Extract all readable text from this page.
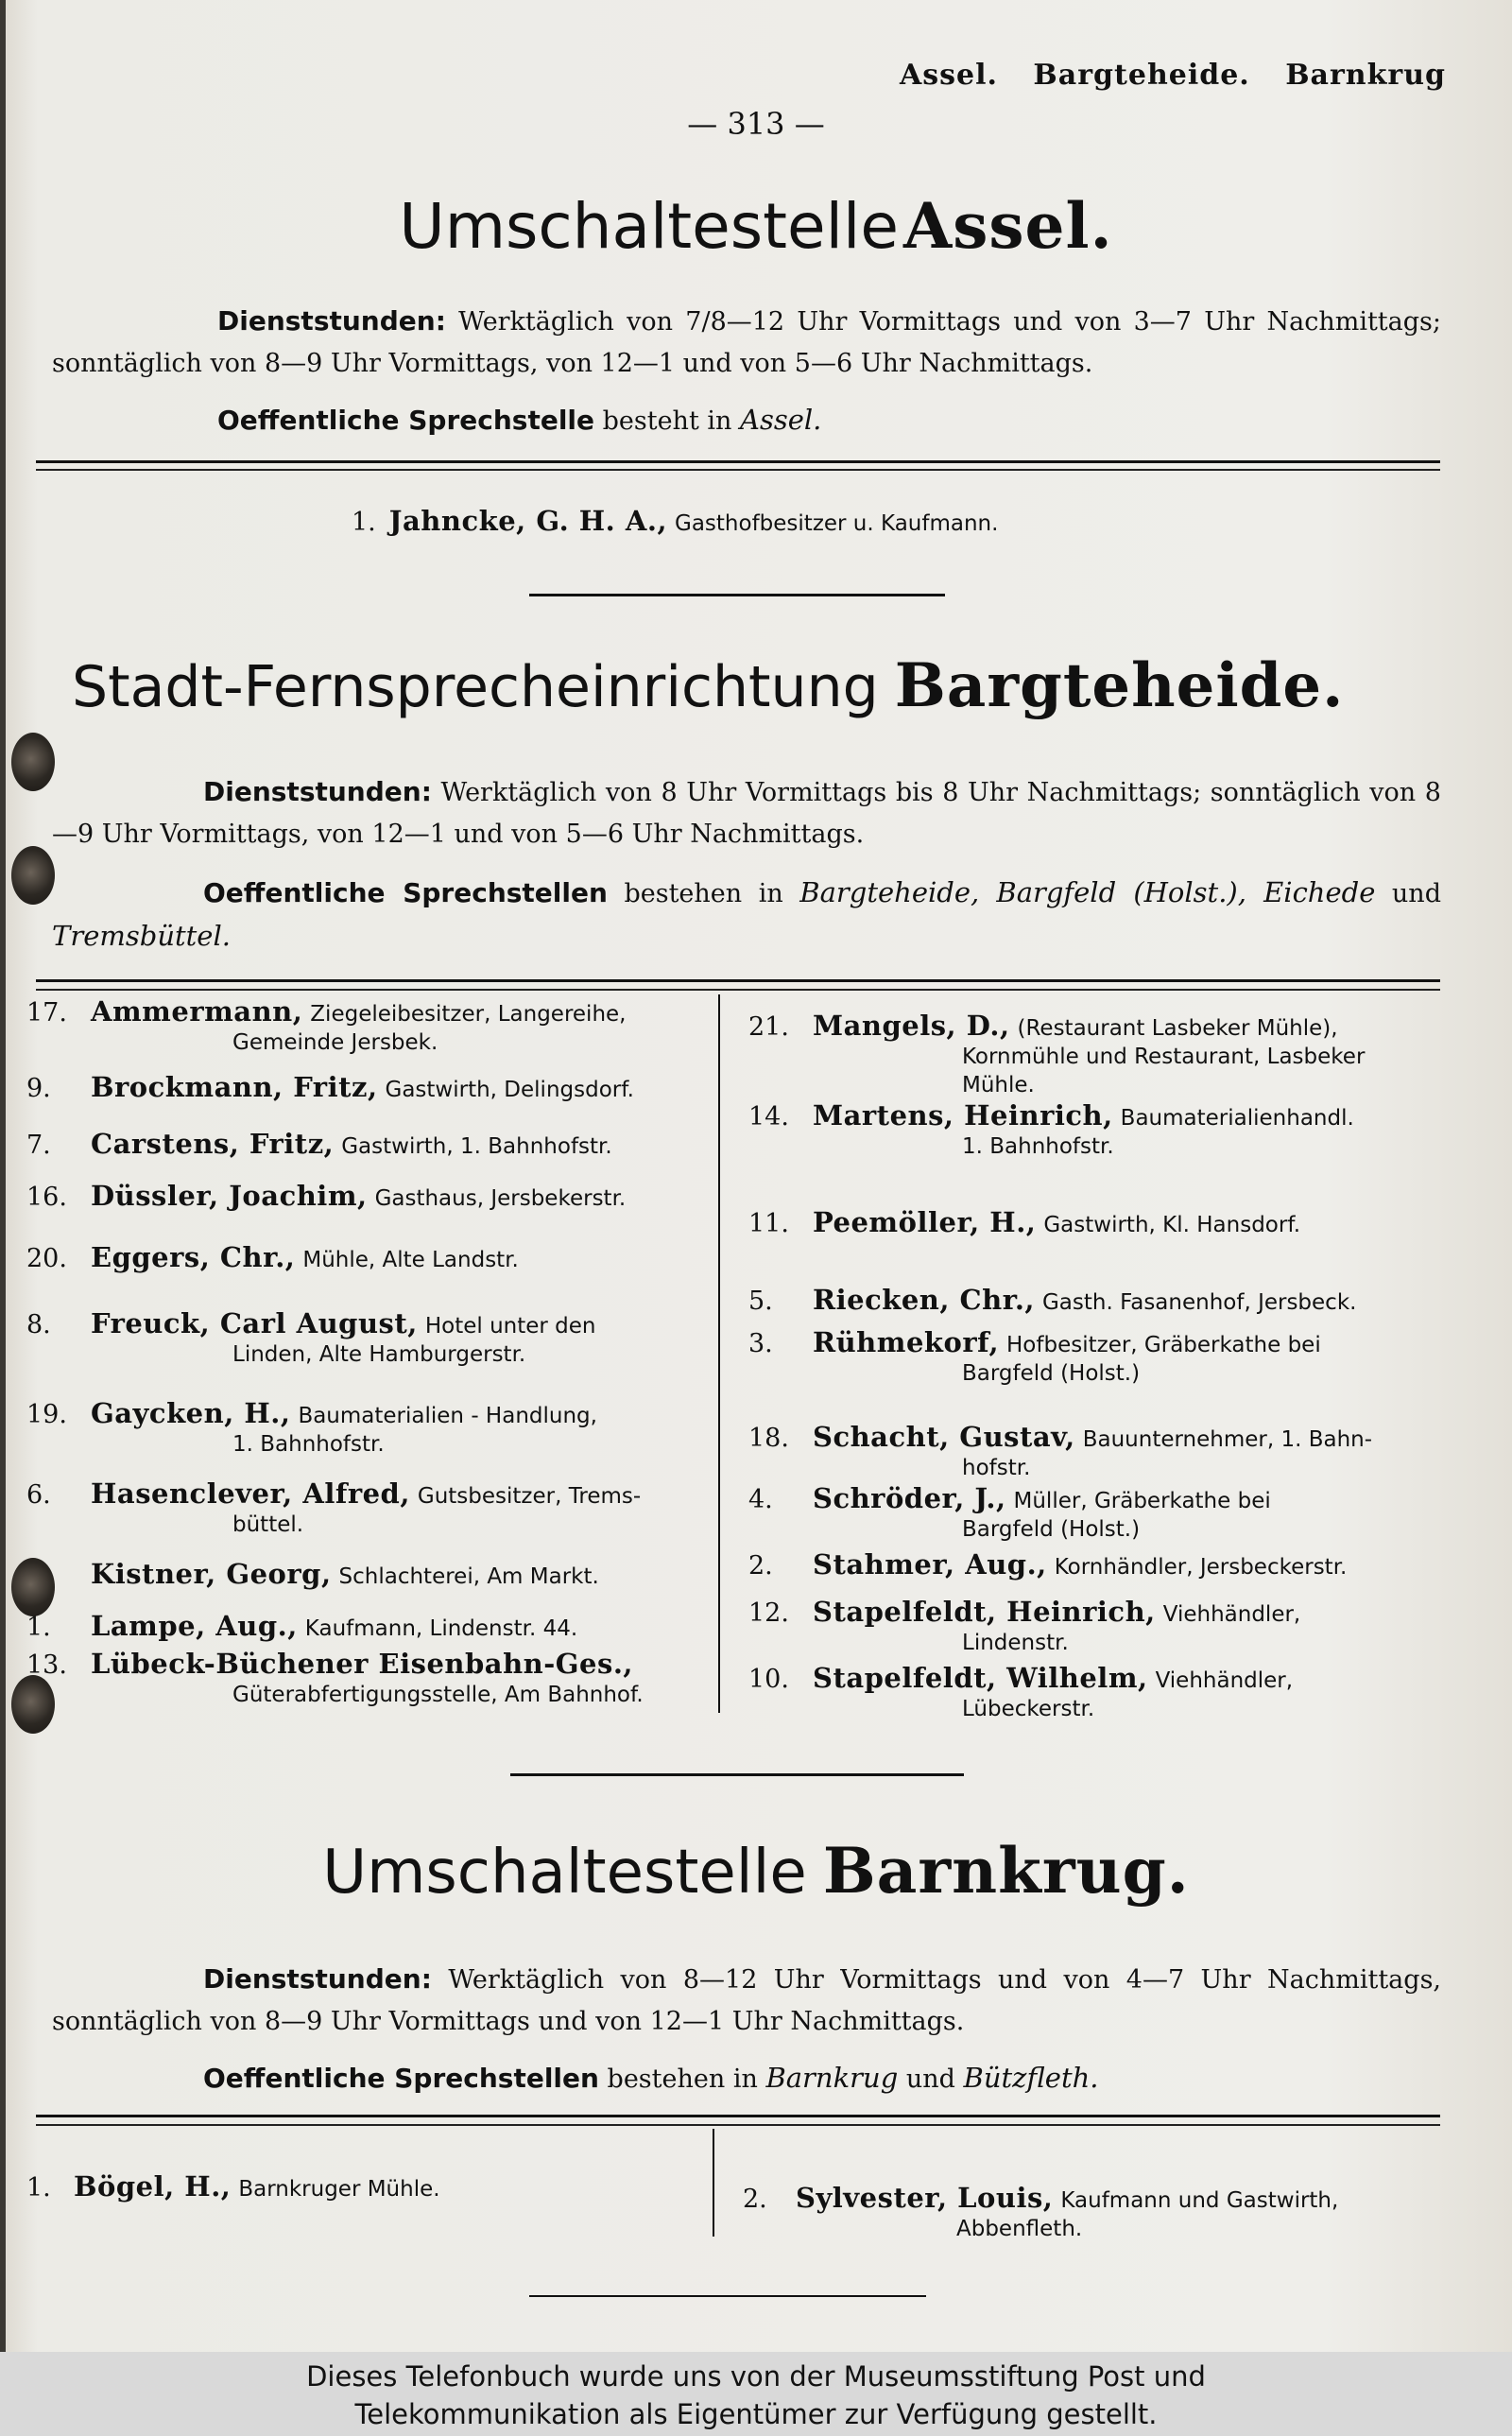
Assel. Bargteheide. Barnkrug
— 313 —
Umschaltestelle Assel.
Dienststunden: Werktäglich von 7/8—12 Uhr Vormittags und von 3—7 Uhr Nachmittags; sonntäglich von 8—9 Uhr Vormittags, von 12—1 und von 5—6 Uhr Nachmittags.
Oeffentliche Sprechstelle besteht in Assel.
1. Jahncke, G. H. A., Gasthofbesitzer u. Kaufmann.
Stadt-Fernsprecheinrichtung Bargteheide.
Dienststunden: Werktäglich von 8 Uhr Vormittags bis 8 Uhr Nachmittags; sonntäglich von 8—9 Uhr Vormittags, von 12—1 und von 5—6 Uhr Nachmittags.
Oeffentliche Sprechstellen bestehen in Bargteheide, Bargfeld (Holst.), Eichede und Tremsbüttel.
17. Ammermann, Ziegeleibesitzer, Langereihe,
Gemeinde Jersbek.
9. Brockmann, Fritz, Gastwirth, Delingsdorf.
7. Carstens, Fritz, Gastwirth, 1. Bahnhofstr.
16. Düssler, Joachim, Gasthaus, Jersbekerstr.
20. Eggers, Chr., Mühle, Alte Landstr.
8. Freuck, Carl August, Hotel unter den
Linden, Alte Hamburgerstr.
19. Gaycken, H., Baumaterialien - Handlung,
1. Bahnhofstr.
6. Hasenclever, Alfred, Gutsbesitzer, Trems-
büttel.
Kistner, Georg, Schlachterei, Am Markt.
1. Lampe, Aug., Kaufmann, Lindenstr. 44.
13. Lübeck-Büchener Eisenbahn-Ges.,
Güterabfertigungsstelle, Am Bahnhof.
21. Mangels, D., (Restaurant Lasbeker Mühle),
Kornmühle und Restaurant, Lasbeker Mühle.
14. Martens, Heinrich, Baumaterialienhandl.
1. Bahnhofstr.
11. Peemöller, H., Gastwirth, Kl. Hansdorf.
5. Riecken, Chr., Gasth. Fasanenhof, Jersbeck.
3. Rühmekorf, Hofbesitzer, Gräberkathe bei
Bargfeld (Holst.)
18. Schacht, Gustav, Bauunternehmer, 1. Bahn-
hofstr.
4. Schröder, J., Müller, Gräberkathe bei
Bargfeld (Holst.)
2. Stahmer, Aug., Kornhändler, Jersbeckerstr.
12. Stapelfeldt, Heinrich, Viehhändler,
Lindenstr.
10. Stapelfeldt, Wilhelm, Viehhändler,
Lübeckerstr.
Umschaltestelle Barnkrug.
Dienststunden: Werktäglich von 8—12 Uhr Vormittags und von 4—7 Uhr Nachmittags, sonntäglich von 8—9 Uhr Vormittags und von 12—1 Uhr Nachmittags.
Oeffentliche Sprechstellen bestehen in Barnkrug und Bützfleth.
1. Bögel, H., Barnkruger Mühle.	2. Sylvester, Louis, Kaufmann und Gastwirth,
Abbenfleth.
Dieses Telefonbuch wurde uns von der Museumsstiftung Post und
Telekommunikation als Eigentümer zur Verfügung gestellt.
